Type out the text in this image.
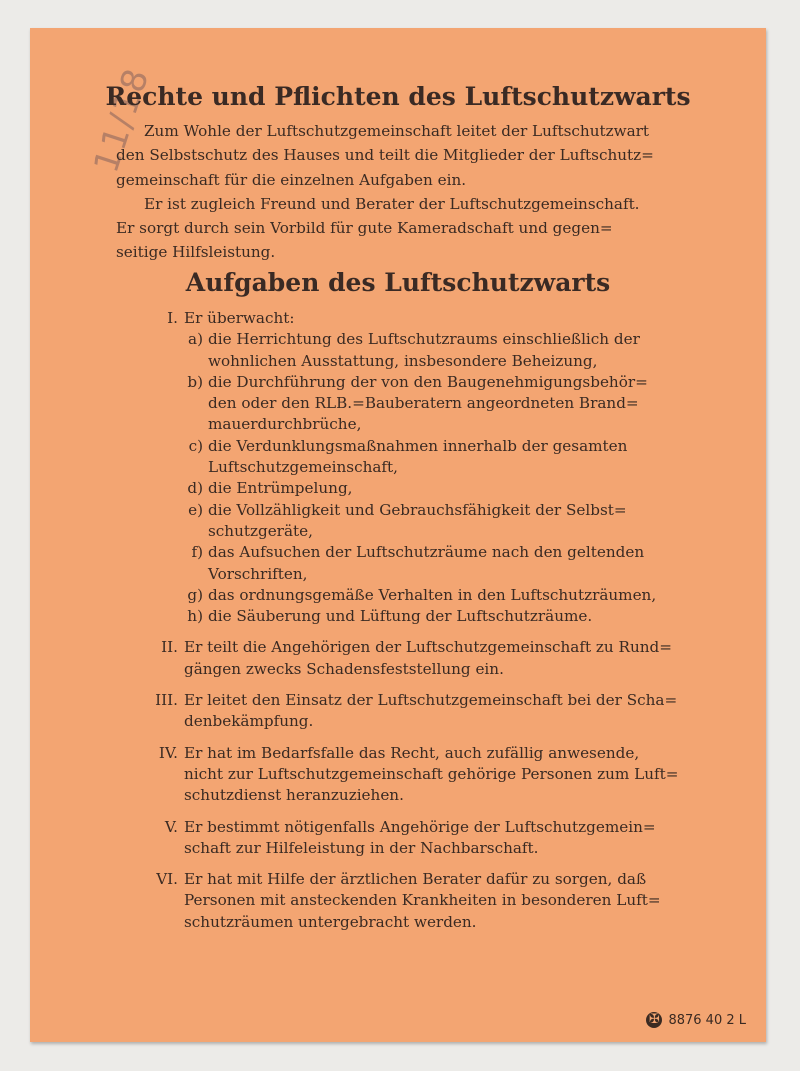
11/18
Rechte und Pflichten des Luftschutzwarts

Zum Wohle der Luftschutzgemeinschaft leitet der Luftschutzwart
den Selbstschutz des Hauses und teilt die Mitglieder der Luftschutz=
gemeinschaft für die einzelnen Aufgaben ein.

Er ist zugleich Freund und Berater der Luftschutzgemeinschaft.
Er sorgt durch sein Vorbild für gute Kameradschaft und gegen=
seitige Hilfsleistung.

Aufgaben des Luftschutzwarts
I. Er überwacht:
a) die Herrichtung des Luftschutzraums einschließlich der
wohnlichen Ausstattung, insbesondere Beheizung,
b) die Durchführung der von den Baugenehmigungsbehör=
den oder den RLB.=Bauberatern angeordneten Brand=
mauerdurchbrüche,
c) die Verdunklungsmaßnahmen innerhalb der gesamten
Luftschutzgemeinschaft,
d) die Entrümpelung,
e) die Vollzähligkeit und Gebrauchsfähigkeit der Selbst=
schutzgeräte,
f) das Aufsuchen der Luftschutzräume nach den geltenden
Vorschriften,
g) das ordnungsgemäße Verhalten in den Luftschutzräumen,
h) die Säuberung und Lüftung der Luftschutzräume.
II. Er teilt die Angehörigen der Luftschutzgemeinschaft zu Rund=
gängen zwecks Schadensfeststellung ein.
III. Er leitet den Einsatz der Luftschutzgemeinschaft bei der Scha=
denbekämpfung.
IV. Er hat im Bedarfsfalle das Recht, auch zufällig anwesende,
nicht zur Luftschutzgemeinschaft gehörige Personen zum Luft=
schutzdienst heranzuziehen.
V. Er bestimmt nötigenfalls Angehörige der Luftschutzgemein=
schaft zur Hilfeleistung in der Nachbarschaft.
VI. Er hat mit Hilfe der ärztlichen Berater dafür zu sorgen, daß
Personen mit ansteckenden Krankheiten in besonderen Luft=
schutzräumen untergebracht werden.
✠ 8876 40 2 L
